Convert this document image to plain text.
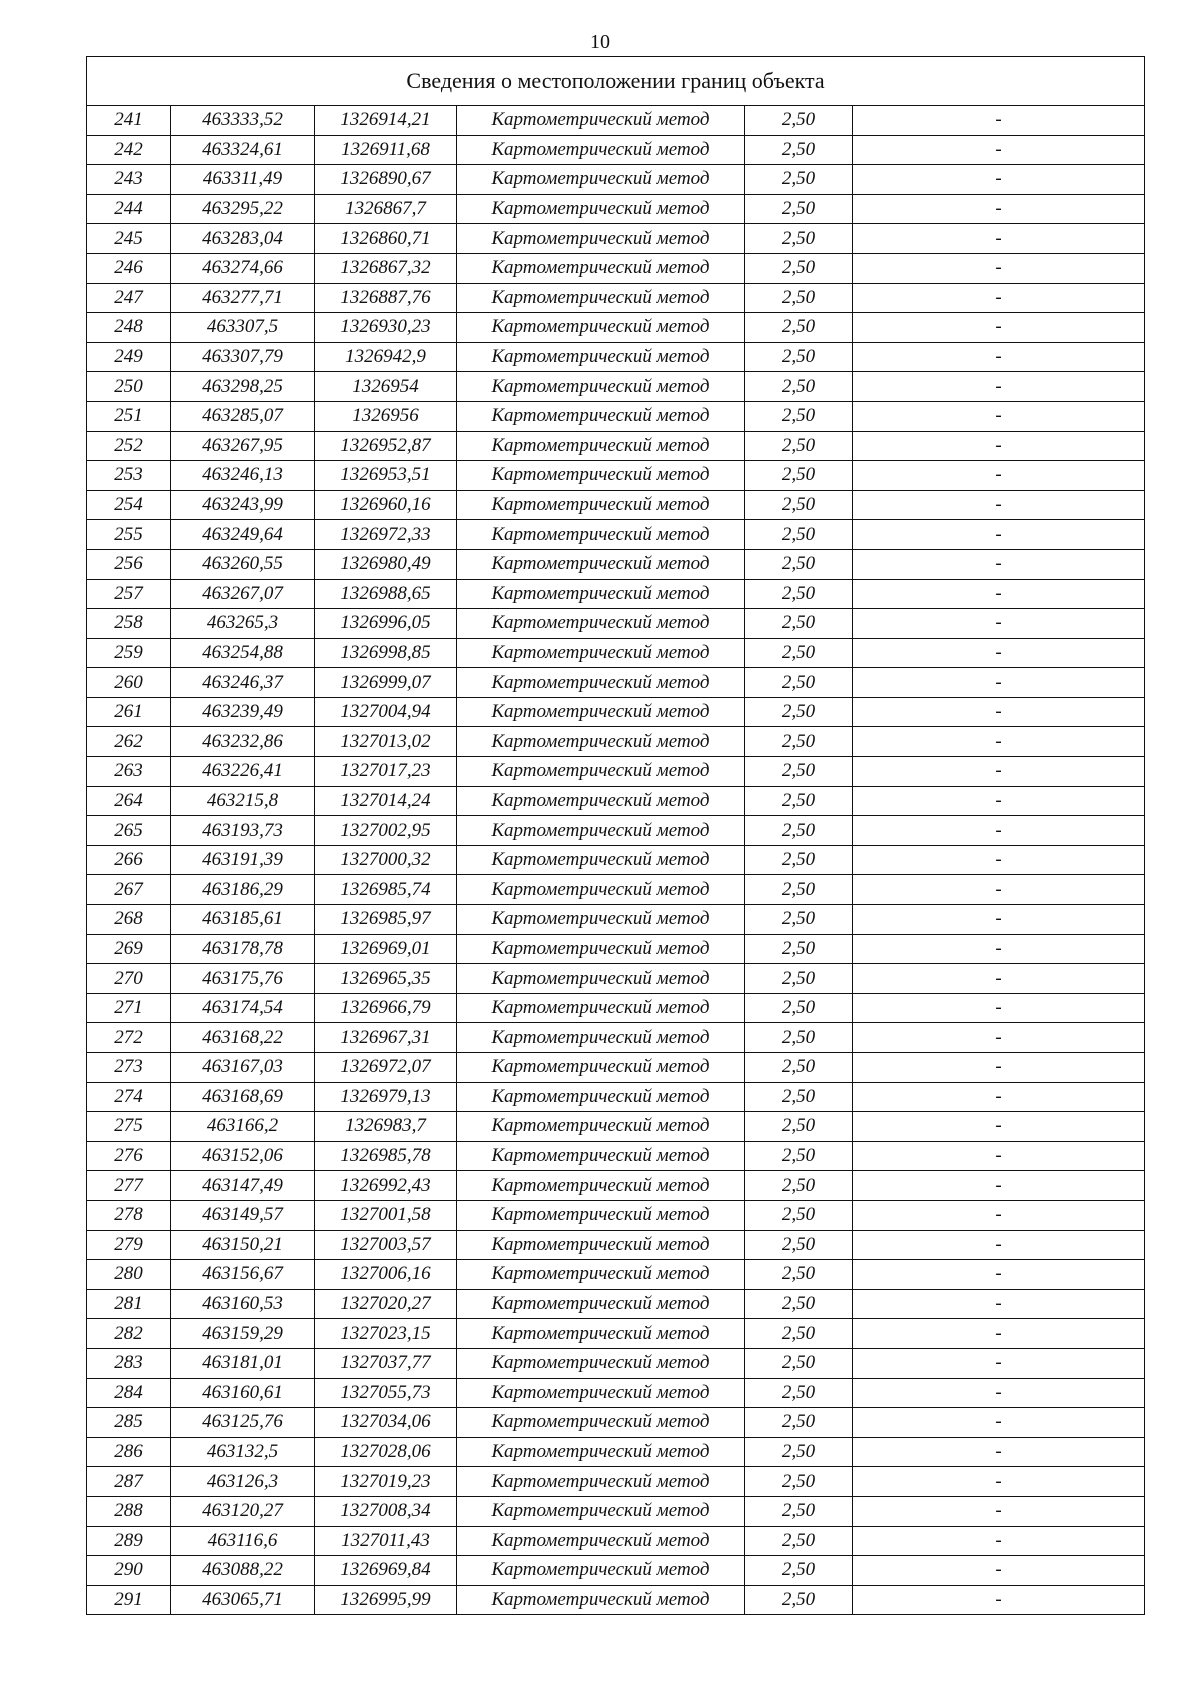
10
Сведения о местоположении границ объекта					
241	463333,52	1326914,21	Картометрический метод	2,50	-
242	463324,61	1326911,68	Картометрический метод	2,50	-
243	463311,49	1326890,67	Картометрический метод	2,50	-
244	463295,22	1326867,7	Картометрический метод	2,50	-
245	463283,04	1326860,71	Картометрический метод	2,50	-
246	463274,66	1326867,32	Картометрический метод	2,50	-
247	463277,71	1326887,76	Картометрический метод	2,50	-
248	463307,5	1326930,23	Картометрический метод	2,50	-
249	463307,79	1326942,9	Картометрический метод	2,50	-
250	463298,25	1326954	Картометрический метод	2,50	-
251	463285,07	1326956	Картометрический метод	2,50	-
252	463267,95	1326952,87	Картометрический метод	2,50	-
253	463246,13	1326953,51	Картометрический метод	2,50	-
254	463243,99	1326960,16	Картометрический метод	2,50	-
255	463249,64	1326972,33	Картометрический метод	2,50	-
256	463260,55	1326980,49	Картометрический метод	2,50	-
257	463267,07	1326988,65	Картометрический метод	2,50	-
258	463265,3	1326996,05	Картометрический метод	2,50	-
259	463254,88	1326998,85	Картометрический метод	2,50	-
260	463246,37	1326999,07	Картометрический метод	2,50	-
261	463239,49	1327004,94	Картометрический метод	2,50	-
262	463232,86	1327013,02	Картометрический метод	2,50	-
263	463226,41	1327017,23	Картометрический метод	2,50	-
264	463215,8	1327014,24	Картометрический метод	2,50	-
265	463193,73	1327002,95	Картометрический метод	2,50	-
266	463191,39	1327000,32	Картометрический метод	2,50	-
267	463186,29	1326985,74	Картометрический метод	2,50	-
268	463185,61	1326985,97	Картометрический метод	2,50	-
269	463178,78	1326969,01	Картометрический метод	2,50	-
270	463175,76	1326965,35	Картометрический метод	2,50	-
271	463174,54	1326966,79	Картометрический метод	2,50	-
272	463168,22	1326967,31	Картометрический метод	2,50	-
273	463167,03	1326972,07	Картометрический метод	2,50	-
274	463168,69	1326979,13	Картометрический метод	2,50	-
275	463166,2	1326983,7	Картометрический метод	2,50	-
276	463152,06	1326985,78	Картометрический метод	2,50	-
277	463147,49	1326992,43	Картометрический метод	2,50	-
278	463149,57	1327001,58	Картометрический метод	2,50	-
279	463150,21	1327003,57	Картометрический метод	2,50	-
280	463156,67	1327006,16	Картометрический метод	2,50	-
281	463160,53	1327020,27	Картометрический метод	2,50	-
282	463159,29	1327023,15	Картометрический метод	2,50	-
283	463181,01	1327037,77	Картометрический метод	2,50	-
284	463160,61	1327055,73	Картометрический метод	2,50	-
285	463125,76	1327034,06	Картометрический метод	2,50	-
286	463132,5	1327028,06	Картометрический метод	2,50	-
287	463126,3	1327019,23	Картометрический метод	2,50	-
288	463120,27	1327008,34	Картометрический метод	2,50	-
289	463116,6	1327011,43	Картометрический метод	2,50	-
290	463088,22	1326969,84	Картометрический метод	2,50	-
291	463065,71	1326995,99	Картометрический метод	2,50	-
